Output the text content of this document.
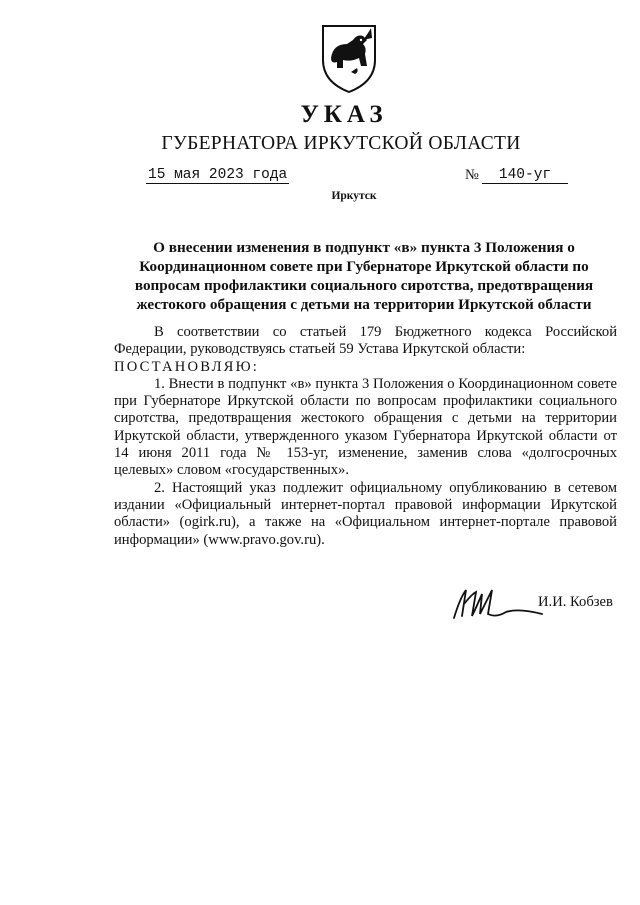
УКАЗ
ГУБЕРНАТОРА ИРКУТСКОЙ ОБЛАСТИ
15 мая 2023 года	№	140-уг
Иркутск
О внесении изменения в подпункт «в» пункта 3 Положения о Координационном совете при Губернаторе Иркутской области по вопросам профилактики социального сиротства, предотвращения жестокого обращения с детьми на территории Иркутской области

В соответствии со статьей 179 Бюджетного кодекса Российской Федерации, руководствуясь статьей 59 Устава Иркутской области:

ПОСТАНОВЛЯЮ:

1. Внести в подпункт «в» пункта 3 Положения о Координационном совете при Губернаторе Иркутской области по вопросам профилактики социального сиротства, предотвращения жестокого обращения с детьми на территории Иркутской области, утвержденного указом Губернатора Иркутской области от 14 июня 2011 года № 153-уг, изменение, заменив слова «долгосрочных целевых» словом «государственных».

2. Настоящий указ подлежит официальному опубликованию в сетевом издании «Официальный интернет-портал правовой информации Иркутской области» (ogirk.ru), а также на «Официальном интернет-портале правовой информации» (www.pravo.gov.ru).

И.И. Кобзев
